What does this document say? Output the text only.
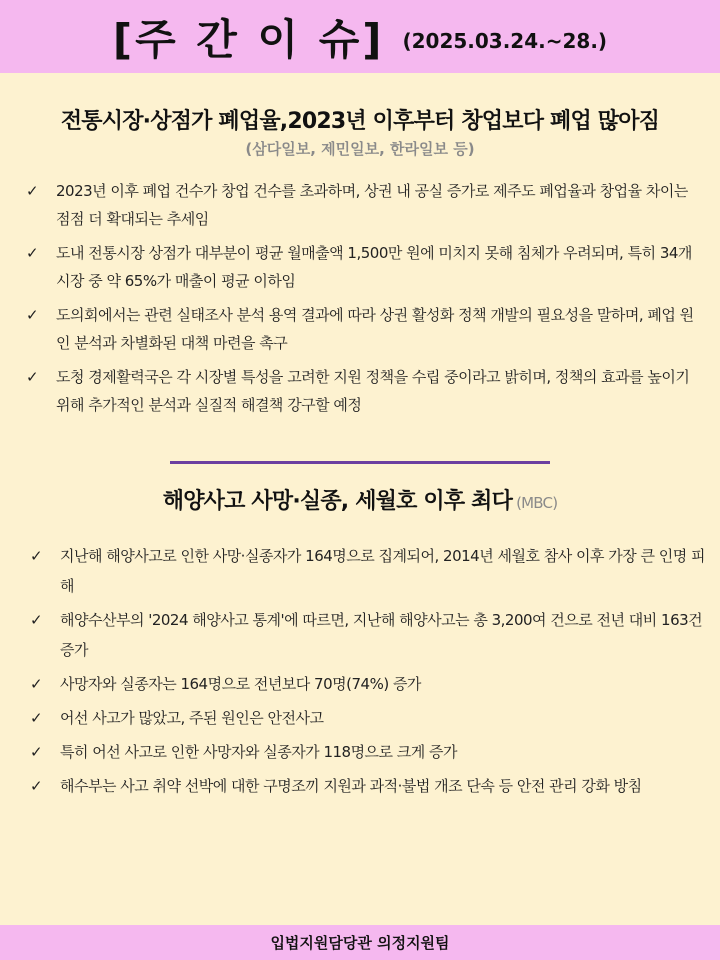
[주 간 이 슈] (2025.03.24.~28.)
전통시장·상점가 폐업율,2023년 이후부터 창업보다 폐업 많아짐
(삼다일보, 제민일보, 한라일보 등)
✓ 2023년 이후 폐업 건수가 창업 건수를 초과하며, 상권 내 공실 증가로 제주도 폐업율과 창업율 차이는 점점 더 확대되는 추세임
✓ 도내 전통시장 상점가 대부분이 평균 월매출액 1,500만 원에 미치지 못해 침체가 우려되며, 특히 34개 시장 중 약 65%가 매출이 평균 이하임
✓ 도의회에서는 관련 실태조사 분석 용역 결과에 따라 상권 활성화 정책 개발의 필요성을 말하며, 폐업 원인 분석과 차별화된 대책 마련을 촉구
✓ 도청 경제활력국은 각 시장별 특성을 고려한 지원 정책을 수립 중이라고 밝히며, 정책의 효과를 높이기 위해 추가적인 분석과 실질적 해결책 강구할 예정
해양사고 사망·실종, 세월호 이후 최다 (MBC)
✓ 지난해 해양사고로 인한 사망·실종자가 164명으로 집계되어, 2014년 세월호 참사 이후 가장 큰 인명 피해
✓ 해양수산부의 '2024 해양사고 통계'에 따르면, 지난해 해양사고는 총 3,200여 건으로 전년 대비 163건 증가
✓ 사망자와 실종자는 164명으로 전년보다 70명(74%) 증가
✓ 어선 사고가 많았고, 주된 원인은 안전사고
✓ 특히 어선 사고로 인한 사망자와 실종자가 118명으로 크게 증가
✓ 해수부는 사고 취약 선박에 대한 구명조끼 지원과 과적·불법 개조 단속 등 안전 관리 강화 방침
입법지원담당관 의정지원팀
